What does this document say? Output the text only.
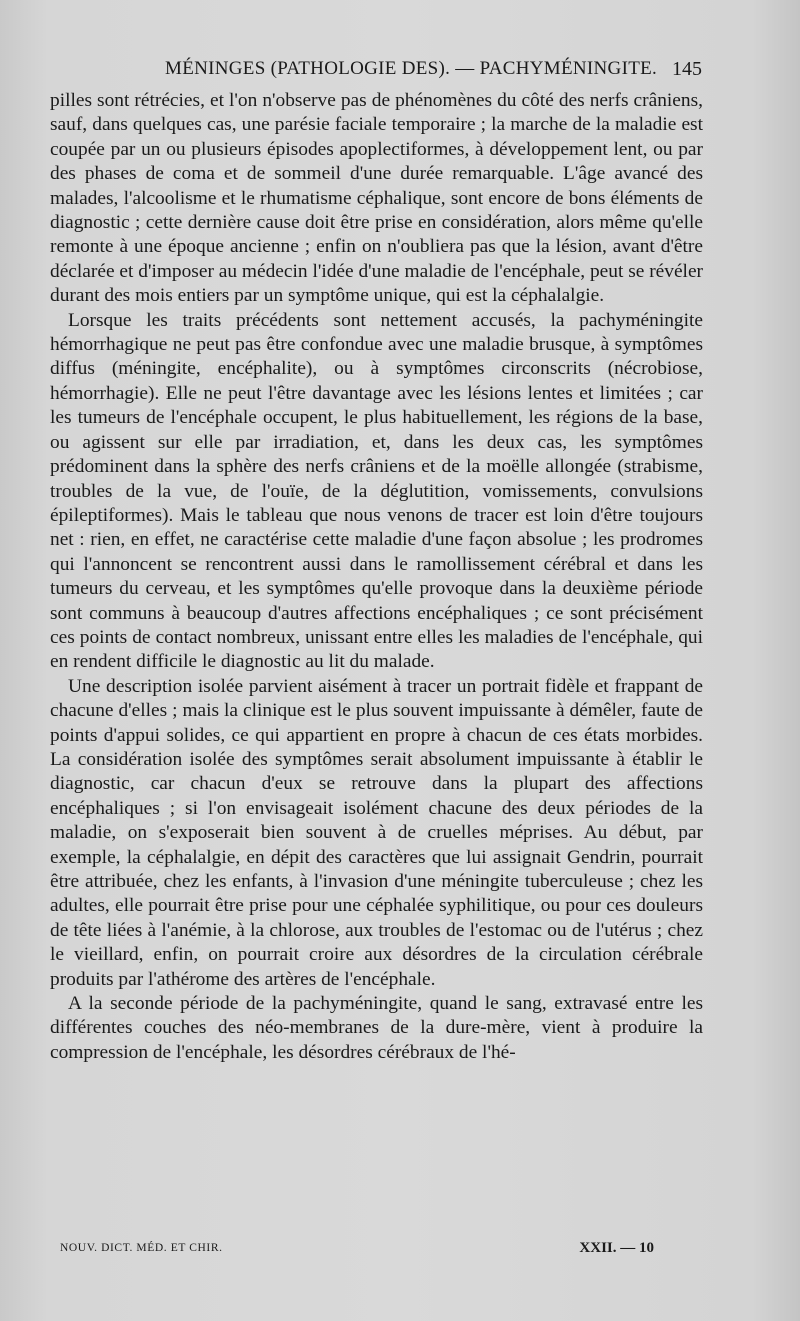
MÉNINGES (PATHOLOGIE DES). — PACHYMÉNINGITE. 145

pilles sont rétrécies, et l'on n'observe pas de phénomènes du côté des nerfs crâniens, sauf, dans quelques cas, une parésie faciale temporaire ; la marche de la maladie est coupée par un ou plusieurs épisodes apoplectiformes, à développement lent, ou par des phases de coma et de sommeil d'une durée remarquable. L'âge avancé des malades, l'alcoolisme et le rhumatisme céphalique, sont encore de bons éléments de diagnostic ; cette dernière cause doit être prise en considération, alors même qu'elle remonte à une époque ancienne ; enfin on n'oubliera pas que la lésion, avant d'être déclarée et d'imposer au médecin l'idée d'une maladie de l'encéphale, peut se révéler durant des mois entiers par un symptôme unique, qui est la céphalalgie.

Lorsque les traits précédents sont nettement accusés, la pachyméningite hémorrhagique ne peut pas être confondue avec une maladie brusque, à symptômes diffus (méningite, encéphalite), ou à symptômes circonscrits (nécrobiose, hémorrhagie). Elle ne peut l'être davantage avec les lésions lentes et limitées ; car les tumeurs de l'encéphale occupent, le plus habituellement, les régions de la base, ou agissent sur elle par irradiation, et, dans les deux cas, les symptômes prédominent dans la sphère des nerfs crâniens et de la moëlle allongée (strabisme, troubles de la vue, de l'ouïe, de la déglutition, vomissements, convulsions épileptiformes). Mais le tableau que nous venons de tracer est loin d'être toujours net : rien, en effet, ne caractérise cette maladie d'une façon absolue ; les prodromes qui l'annoncent se rencontrent aussi dans le ramollissement cérébral et dans les tumeurs du cerveau, et les symptômes qu'elle provoque dans la deuxième période sont communs à beaucoup d'autres affections encéphaliques ; ce sont précisément ces points de contact nombreux, unissant entre elles les maladies de l'encéphale, qui en rendent difficile le diagnostic au lit du malade.

Une description isolée parvient aisément à tracer un portrait fidèle et frappant de chacune d'elles ; mais la clinique est le plus souvent impuissante à démêler, faute de points d'appui solides, ce qui appartient en propre à chacun de ces états morbides. La considération isolée des symptômes serait absolument impuissante à établir le diagnostic, car chacun d'eux se retrouve dans la plupart des affections encéphaliques ; si l'on envisageait isolément chacune des deux périodes de la maladie, on s'exposerait bien souvent à de cruelles méprises. Au début, par exemple, la céphalalgie, en dépit des caractères que lui assignait Gendrin, pourrait être attribuée, chez les enfants, à l'invasion d'une méningite tuberculeuse ; chez les adultes, elle pourrait être prise pour une céphalée syphilitique, ou pour ces douleurs de tête liées à l'anémie, à la chlorose, aux troubles de l'estomac ou de l'utérus ; chez le vieillard, enfin, on pourrait croire aux désordres de la circulation cérébrale produits par l'athérome des artères de l'encéphale.

A la seconde période de la pachyméningite, quand le sang, extravasé entre les différentes couches des néo-membranes de la dure-mère, vient à produire la compression de l'encéphale, les désordres cérébraux de l'hé-

NOUV. DICT. MÉD. ET CHIR.	XXII. — 10
